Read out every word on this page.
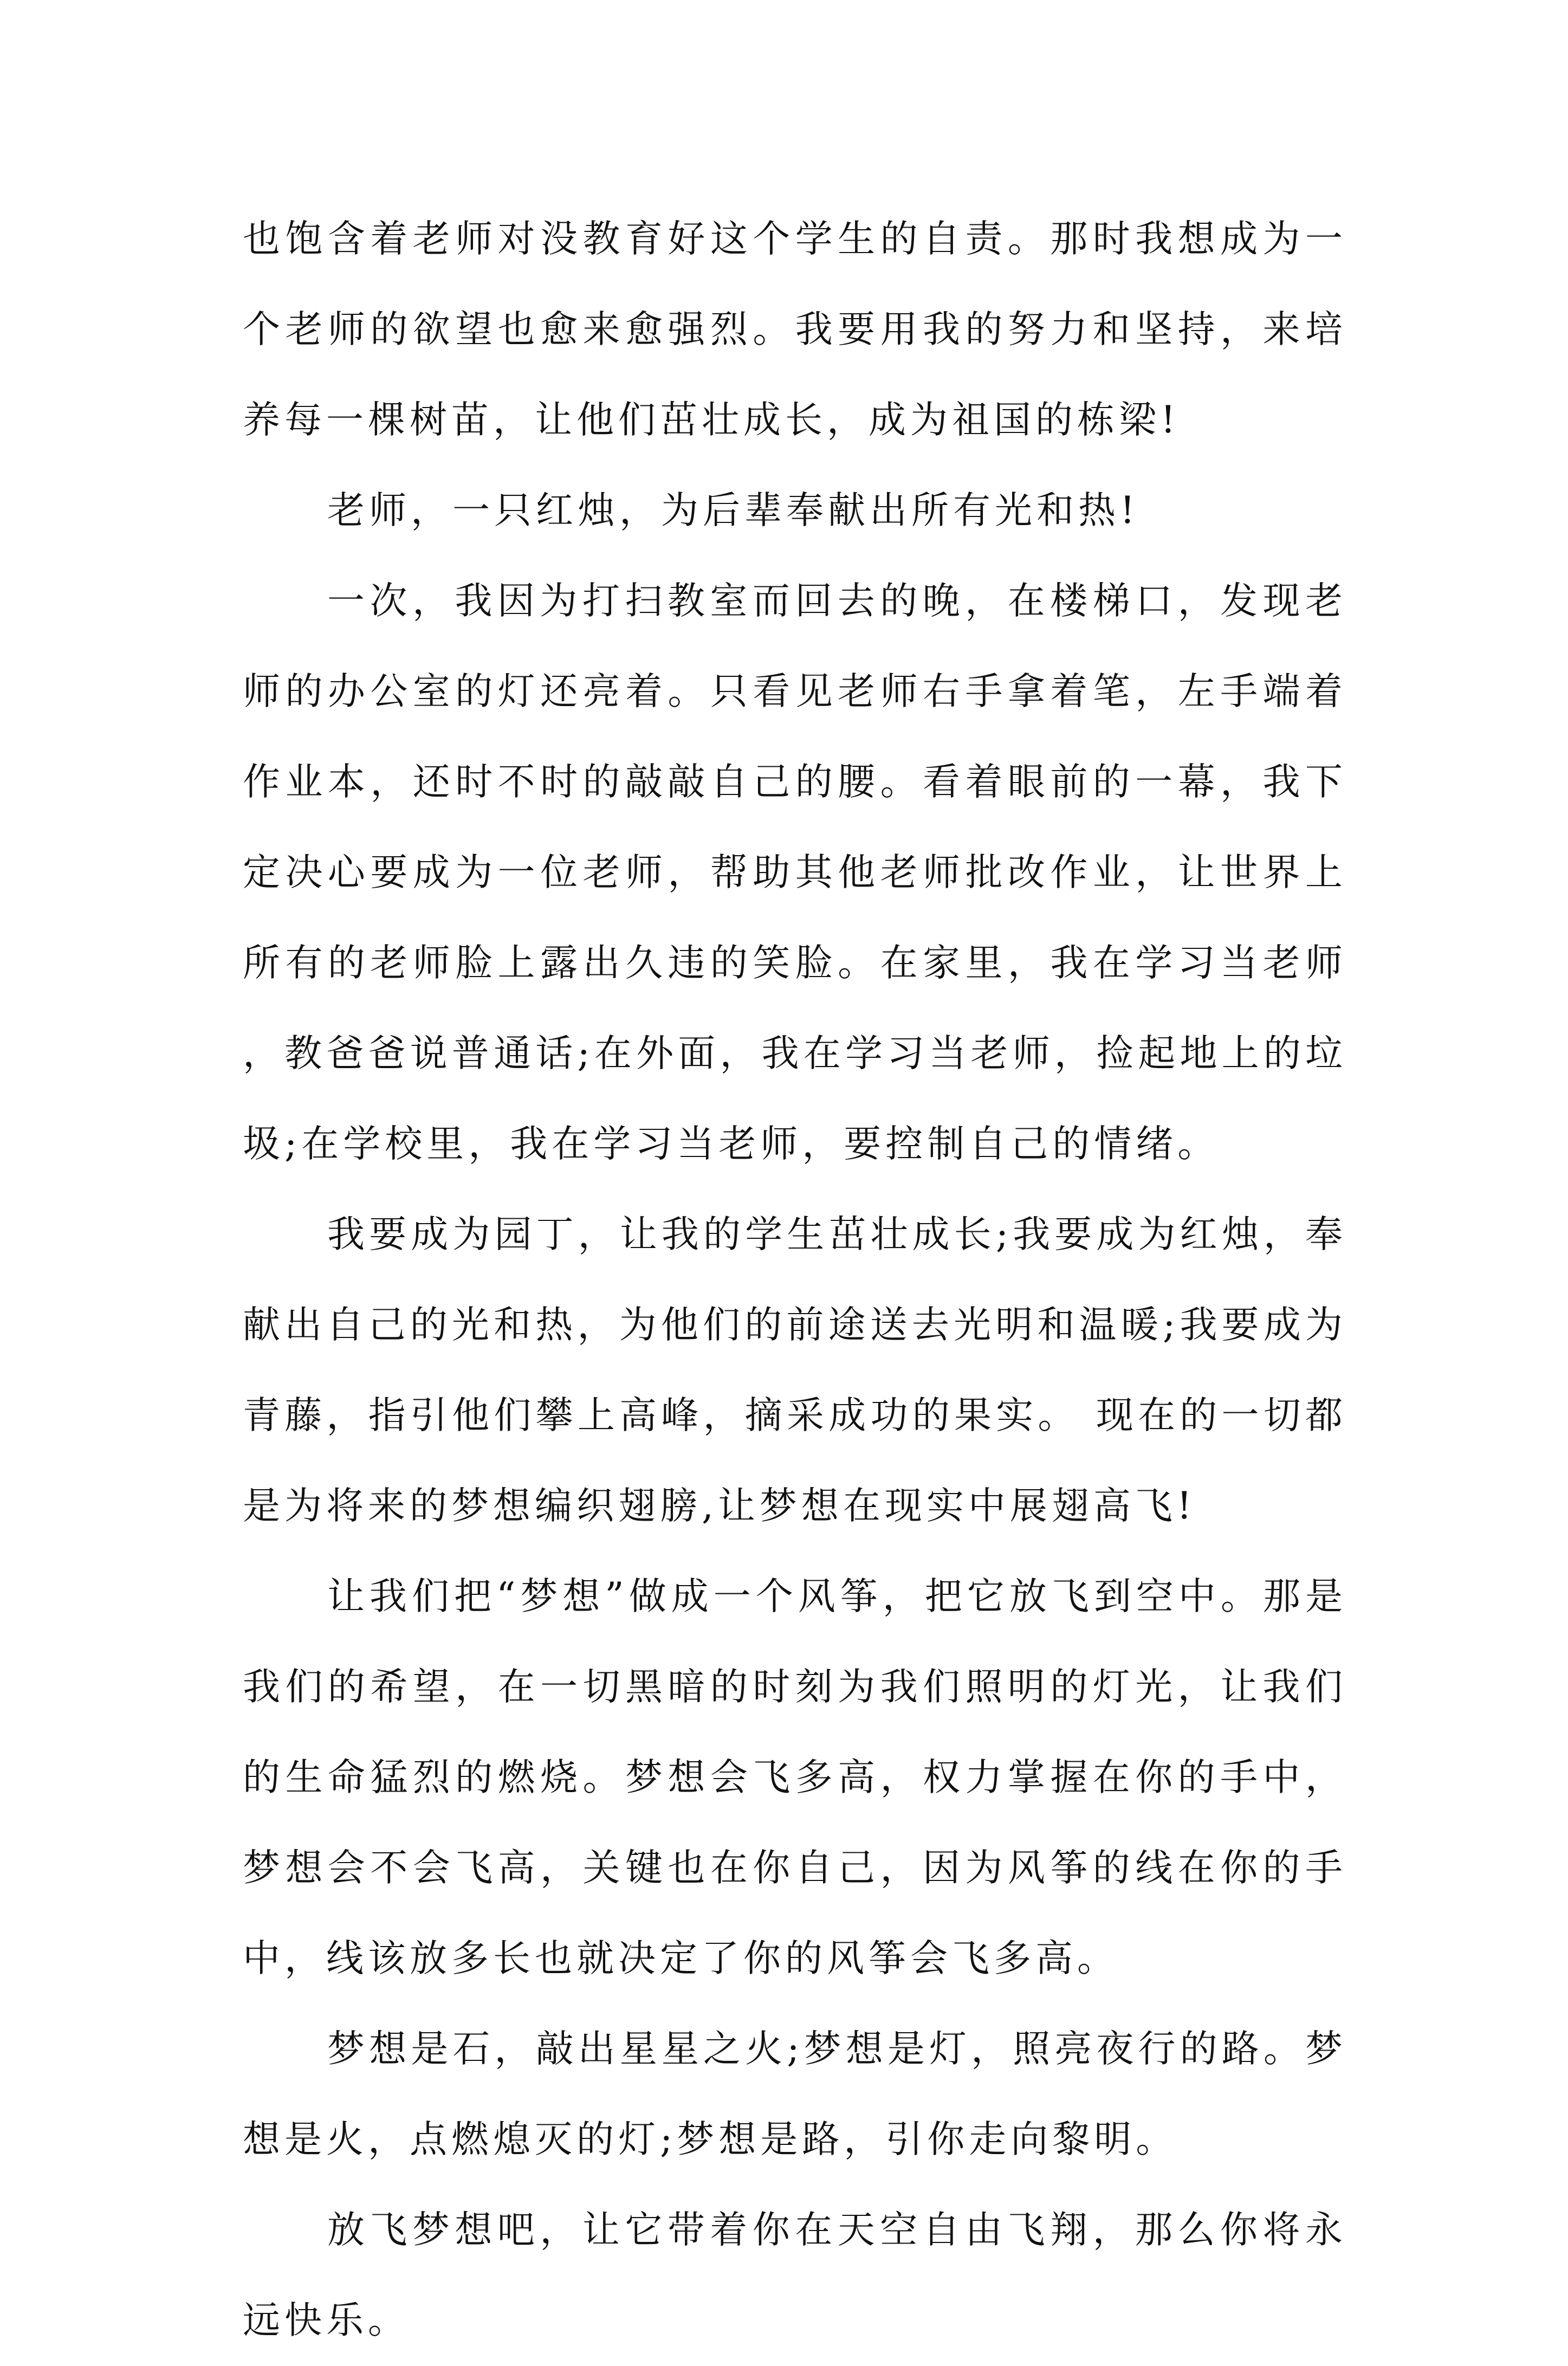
也饱含着老师对没教育好这个学生的自责。那时我想成为一个老师的欲望也愈来愈强烈。我要用我的努力和坚持，来培养每一棵树苗，让他们茁壮成长，成为祖国的栋梁!

老师，一只红烛，为后辈奉献出所有光和热!

一次，我因为打扫教室而回去的晚，在楼梯口，发现老师的办公室的灯还亮着。只看见老师右手拿着笔，左手端着作业本，还时不时的敲敲自己的腰。看着眼前的一幕，我下定决心要成为一位老师，帮助其他老师批改作业，让世界上所有的老师脸上露出久违的笑脸。在家里，我在学习当老师，教爸爸说普通话;在外面，我在学习当老师，捡起地上的垃圾;在学校里，我在学习当老师，要控制自己的情绪。

我要成为园丁，让我的学生茁壮成长;我要成为红烛，奉献出自己的光和热，为他们的前途送去光明和温暖;我要成为青藤，指引他们攀上高峰，摘采成功的果实。 现在的一切都是为将来的梦想编织翅膀,让梦想在现实中展翅高飞!

让我们把“梦想”做成一个风筝，把它放飞到空中。那是我们的希望，在一切黑暗的时刻为我们照明的灯光，让我们的生命猛烈的燃烧。梦想会飞多高，权力掌握在你的手中，梦想会不会飞高，关键也在你自己，因为风筝的线在你的手中，线该放多长也就决定了你的风筝会飞多高。

梦想是石，敲出星星之火;梦想是灯，照亮夜行的路。梦想是火，点燃熄灭的灯;梦想是路，引你走向黎明。

放飞梦想吧，让它带着你在天空自由飞翔，那么你将永远快乐。
